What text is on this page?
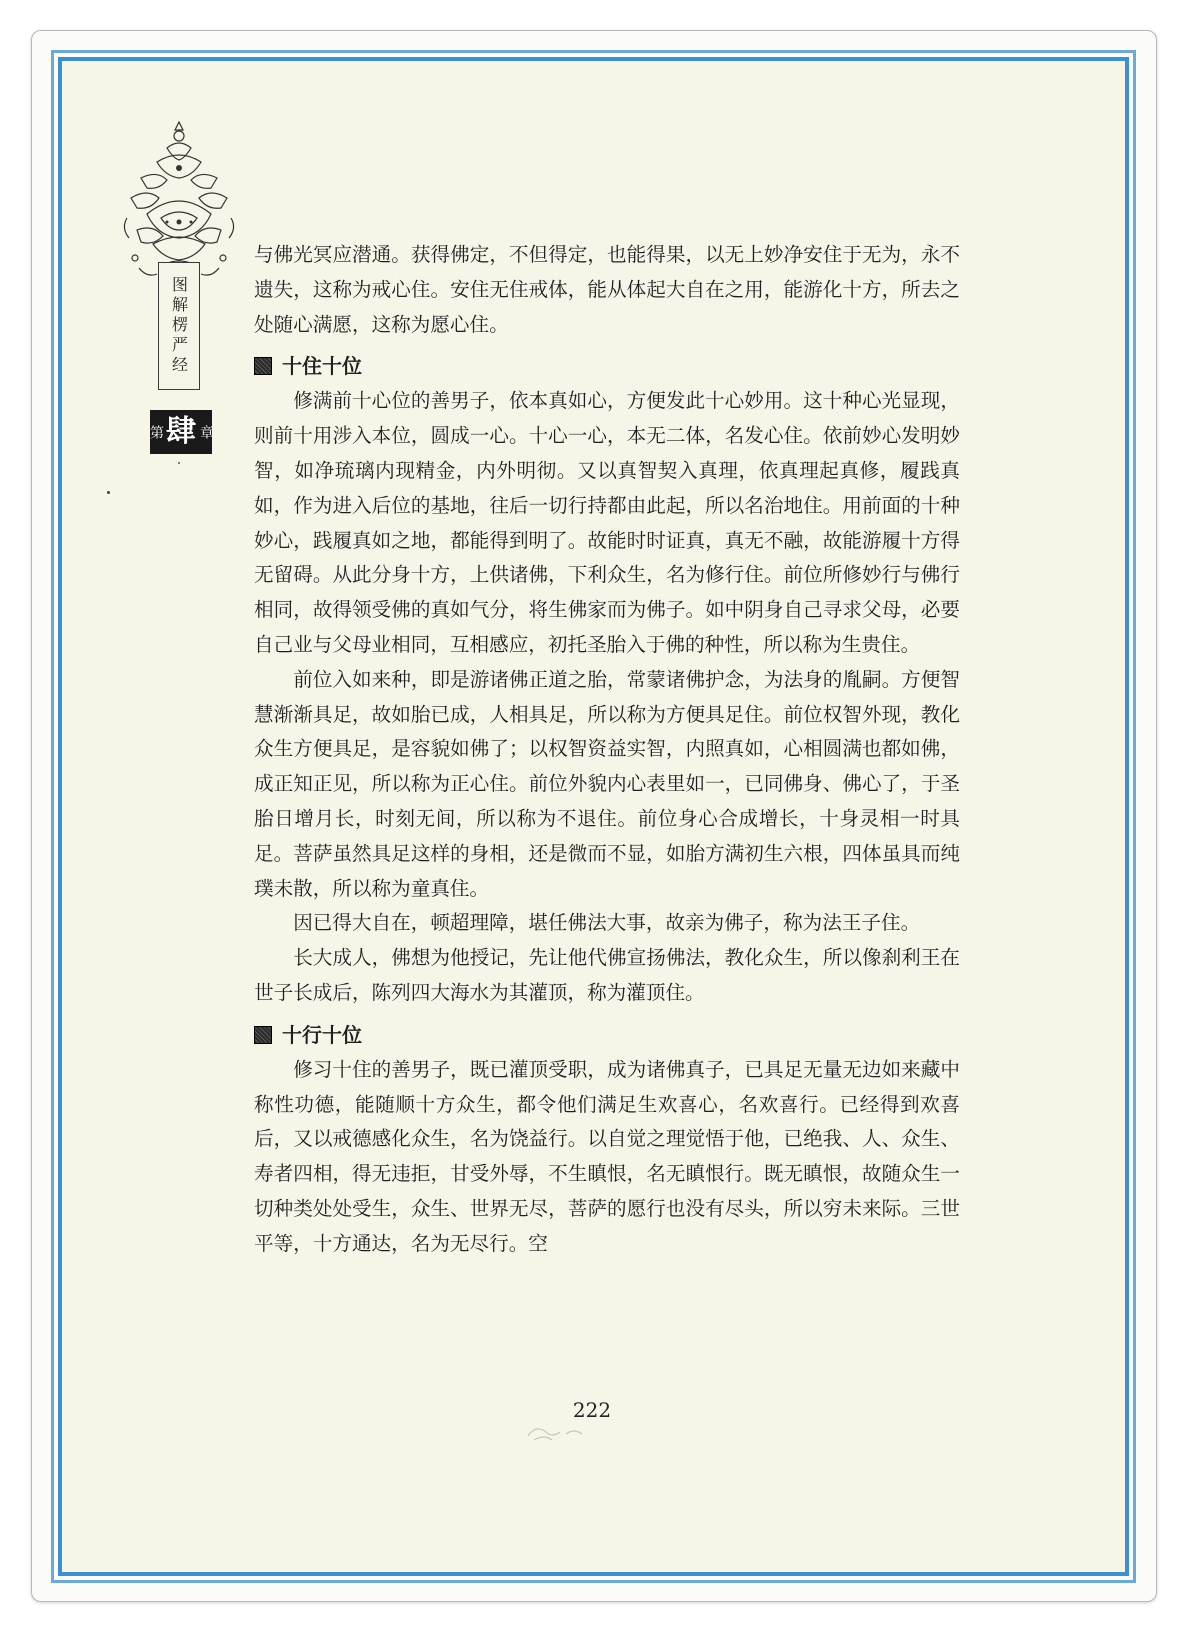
图解楞严经
第 肆 章

与佛光冥应潜通。获得佛定，不但得定，也能得果，以无上妙净安住于无为，永不遗失，这称为戒心住。安住无住戒体，能从体起大自在之用，能游化十方，所去之处随心满愿，这称为愿心住。

十住十位

修满前十心位的善男子，依本真如心，方便发此十心妙用。这十种心光显现，则前十用涉入本位，圆成一心。十心一心，本无二体，名发心住。依前妙心发明妙智，如净琉璃内现精金，内外明彻。又以真智契入真理，依真理起真修，履践真如，作为进入后位的基地，往后一切行持都由此起，所以名治地住。用前面的十种妙心，践履真如之地，都能得到明了。故能时时证真，真无不融，故能游履十方得无留碍。从此分身十方，上供诸佛，下利众生，名为修行住。前位所修妙行与佛行相同，故得领受佛的真如气分，将生佛家而为佛子。如中阴身自己寻求父母，必要自己业与父母业相同，互相感应，初托圣胎入于佛的种性，所以称为生贵住。

前位入如来种，即是游诸佛正道之胎，常蒙诸佛护念，为法身的胤嗣。方便智慧渐渐具足，故如胎已成，人相具足，所以称为方便具足住。前位权智外现，教化众生方便具足，是容貌如佛了；以权智资益实智，内照真如，心相圆满也都如佛，成正知正见，所以称为正心住。前位外貌内心表里如一，已同佛身、佛心了，于圣胎日增月长，时刻无间，所以称为不退住。前位身心合成增长，十身灵相一时具足。菩萨虽然具足这样的身相，还是微而不显，如胎方满初生六根，四体虽具而纯璞未散，所以称为童真住。

因已得大自在，顿超理障，堪任佛法大事，故亲为佛子，称为法王子住。

长大成人，佛想为他授记，先让他代佛宣扬佛法，教化众生，所以像刹利王在世子长成后，陈列四大海水为其灌顶，称为灌顶住。

十行十位

修习十住的善男子，既已灌顶受职，成为诸佛真子，已具足无量无边如来藏中称性功德，能随顺十方众生，都令他们满足生欢喜心，名欢喜行。已经得到欢喜后，又以戒德感化众生，名为饶益行。以自觉之理觉悟于他，已绝我、人、众生、寿者四相，得无违拒，甘受外辱，不生瞋恨，名无瞋恨行。既无瞋恨，故随众生一切种类处处受生，众生、世界无尽，菩萨的愿行也没有尽头，所以穷未来际。三世平等，十方通达，名为无尽行。空

222
